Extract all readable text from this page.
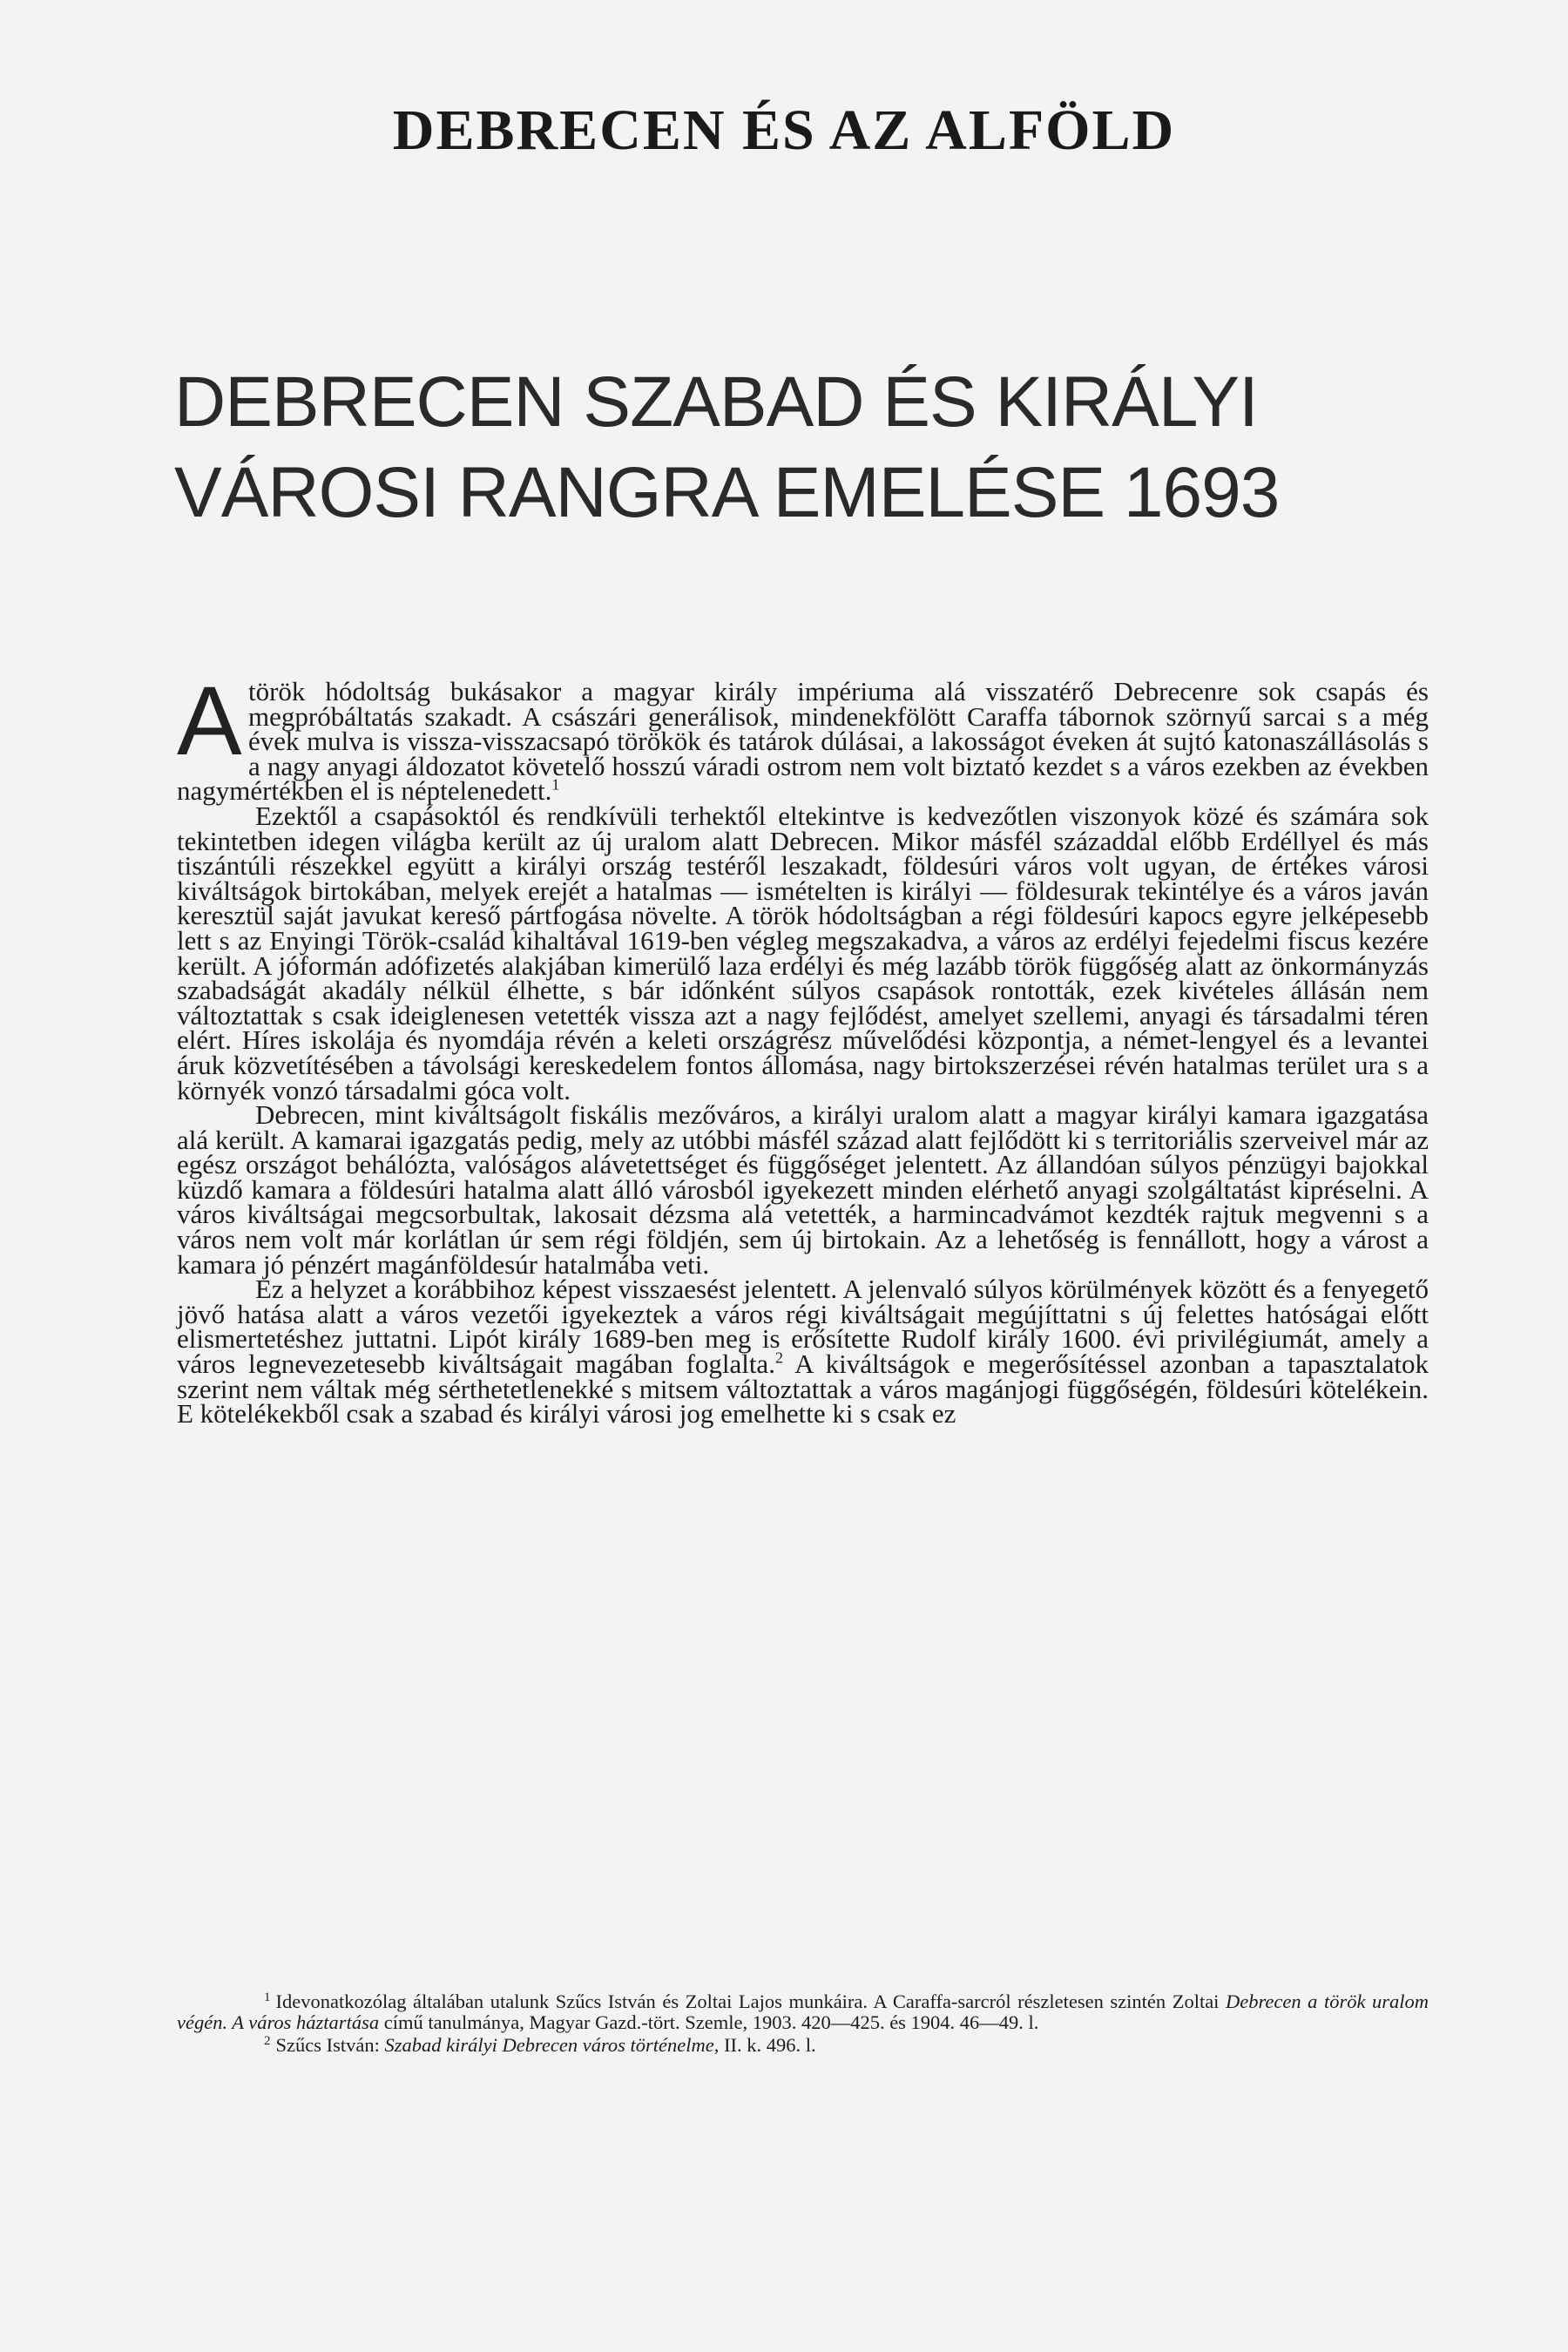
DEBRECEN ÉS AZ ALFÖLD
DEBRECEN SZABAD ÉS KIRÁLYI
VÁROSI RANGRA EMELÉSE 1693

Atörök hódoltság bukásakor a magyar király impériuma alá visszatérő Debrecenre sok csapás és megpróbáltatás szakadt. A császári generálisok, mindenekfölött Caraffa tábornok szörnyű sarcai s a még évek mulva is vissza-visszacsapó törökök és tatárok dúlásai, a lakosságot éveken át sujtó katonaszállásolás s a nagy anyagi áldozatot követelő hosszú váradi ostrom nem volt biztató kezdet s a város ezekben az években nagymértékben el is néptelenedett.$^1$

Ezektől a csapásoktól és rendkívüli terhektől eltekintve is kedvezőtlen viszonyok közé és számára sok tekintetben idegen világba került az új uralom alatt Debrecen. Mikor másfél századdal előbb Erdéllyel és más tiszántúli részekkel együtt a királyi ország testéről leszakadt, földesúri város volt ugyan, de értékes városi kiváltságok birtokában, melyek erejét a hatalmas — ismételten is királyi — földesurak tekintélye és a város javán keresztül saját javukat kereső pártfogása növelte. A török hódoltságban a régi földesúri kapocs egyre jelképesebb lett s az Enyingi Török-család kihaltával 1619-ben végleg megszakadva, a város az erdélyi fejedelmi fiscus kezére került. A jóformán adófizetés alakjában kimerülő laza erdélyi és még lazább török függőség alatt az önkormányzás szabadságát akadály nélkül élhette, s bár időnként súlyos csapások rontották, ezek kivételes állásán nem változtattak s csak ideiglenesen vetették vissza azt a nagy fejlődést, amelyet szellemi, anyagi és társadalmi téren elért. Híres iskolája és nyomdája révén a keleti országrész művelődési központja, a német-lengyel és a levantei áruk közvetítésében a távolsági kereskedelem fontos állomása, nagy birtokszerzései révén hatalmas terület ura s a környék vonzó társadalmi góca volt.

Debrecen, mint kiváltságolt fiskális mezőváros, a királyi uralom alatt a magyar királyi kamara igazgatása alá került. A kamarai igazgatás pedig, mely az utóbbi másfél század alatt fejlődött ki s territoriális szerveivel már az egész országot behálózta, valóságos alávetettséget és függőséget jelentett. Az állandóan súlyos pénzügyi bajokkal küzdő kamara a földesúri hatalma alatt álló városból igyekezett minden elérhető anyagi szolgáltatást kipréselni. A város kiváltságai megcsorbultak, lakosait dézsma alá vetették, a harmincadvámot kezdték rajtuk megvenni s a város nem volt már korlátlan úr sem régi földjén, sem új birtokain. Az a lehetőség is fennállott, hogy a várost a kamara jó pénzért magánföldesúr hatalmába veti.

Ez a helyzet a korábbihoz képest visszaesést jelentett. A jelenvaló súlyos körülmények között és a fenyegető jövő hatása alatt a város vezetői igyekeztek a város régi kiváltságait megújíttatni s új felettes hatóságai előtt elismertetéshez juttatni. Lipót király 1689-ben meg is erősítette Rudolf király 1600. évi privilégiumát, amely a város legnevezetesebb kiváltságait magában foglalta.$^2$ A kiváltságok e megerősítéssel azonban a tapasztalatok szerint nem váltak még sérthetetlenekké s mitsem változtattak a város magánjogi függőségén, földesúri kötelékein. E kötelékekből csak a szabad és királyi városi jog emelhette ki s csak ez

$^1$ Idevonatkozólag általában utalunk Szűcs István és Zoltai Lajos munkáira. A Caraffa-sarcról részletesen szintén Zoltai Debrecen a török uralom végén. A város háztartása című tanulmánya, Magyar Gazd.-tört. Szemle, 1903. 420—425. és 1904. 46—49. l.

$^2$ Szűcs István: Szabad királyi Debrecen város történelme, II. k. 496. l.
